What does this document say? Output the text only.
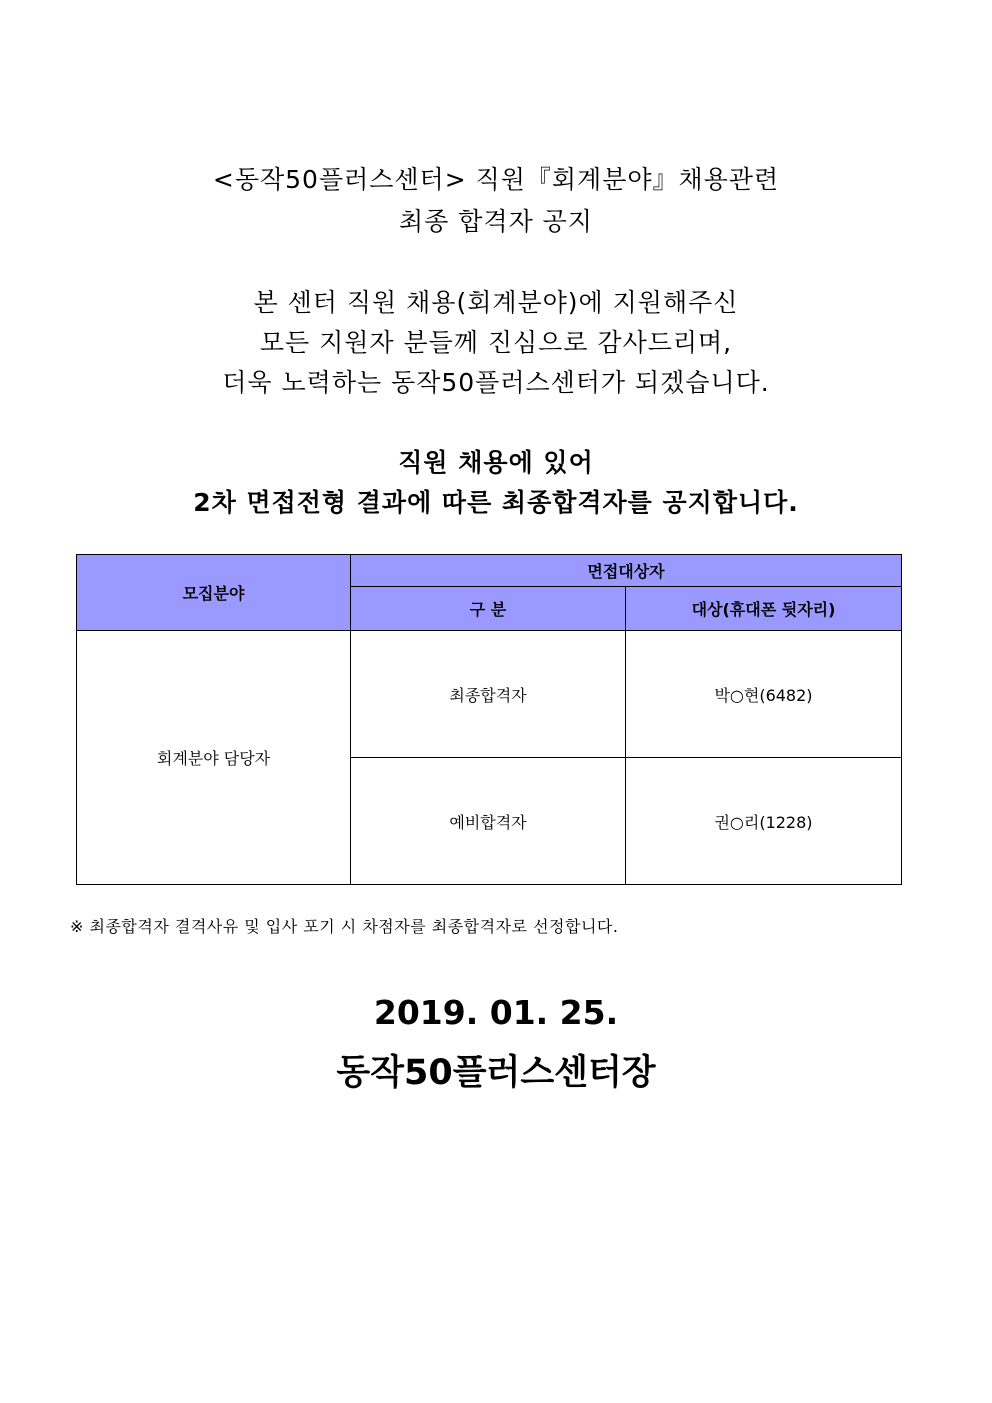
<동작50플러스센터> 직원『회계분야』채용관련
최종 합격자 공지
본 센터 직원 채용(회계분야)에 지원해주신
모든 지원자 분들께 진심으로 감사드리며,
더욱 노력하는 동작50플러스센터가 되겠습니다.
직원 채용에 있어
2차 면접전형 결과에 따른 최종합격자를 공지합니다.
모집분야	면접대상자	
	구 분	대상(휴대폰 뒷자리)
회계분야 담당자	최종합격자	박○현(6482)
	예비합격자	권○리(1228)
※ 최종합격자 결격사유 및 입사 포기 시 차점자를 최종합격자로 선정합니다.
2019. 01. 25.
동작50플러스센터장
